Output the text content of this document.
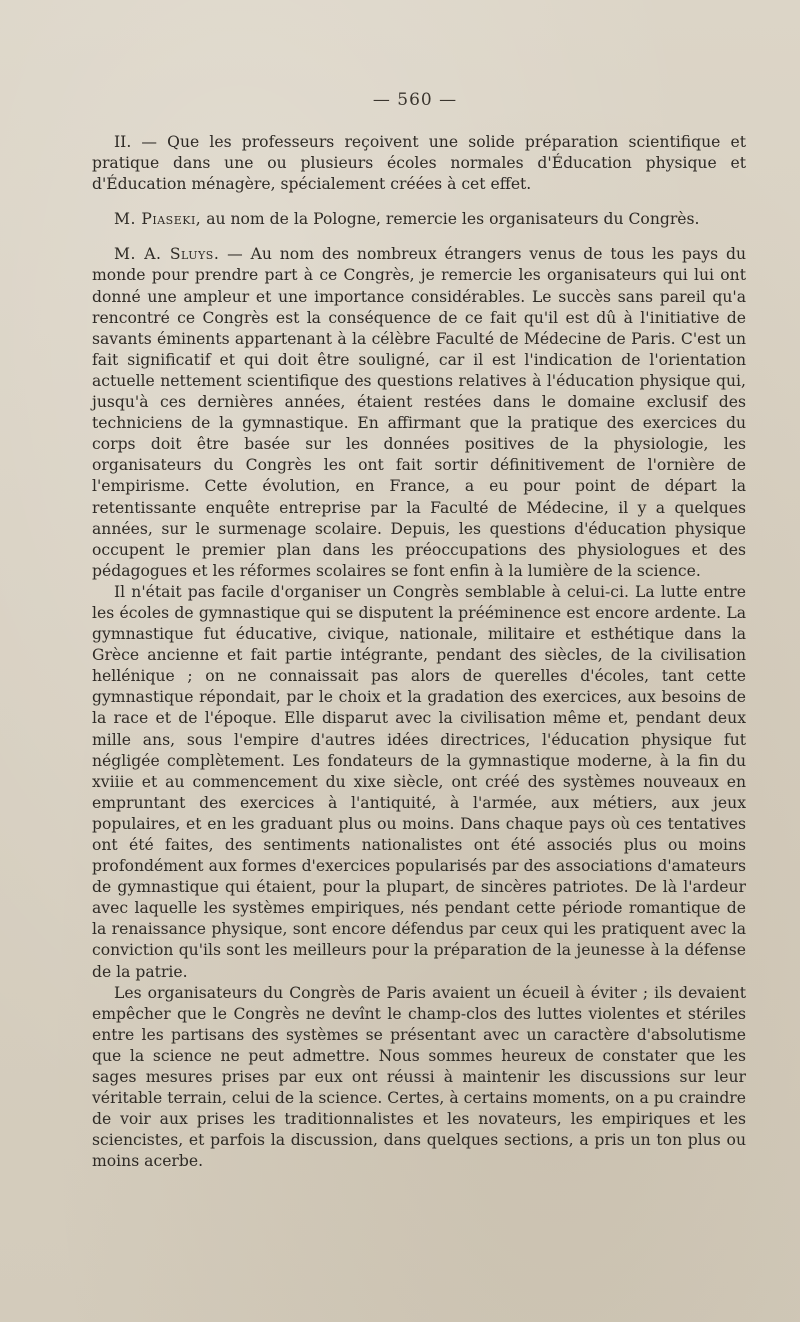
— 560 —

II. — Que les professeurs reçoivent une solide préparation scientifique et pratique dans une ou plusieurs écoles normales d'Éducation physique et d'Éducation ménagère, spécialement créées à cet effet.

M. Piaseki, au nom de la Pologne, remercie les organisateurs du Congrès.

M. A. Sluys. — Au nom des nombreux étrangers venus de tous les pays du monde pour prendre part à ce Congrès, je remercie les organisateurs qui lui ont donné une ampleur et une importance considérables. Le succès sans pareil qu'a rencontré ce Congrès est la conséquence de ce fait qu'il est dû à l'initiative de savants éminents appartenant à la célèbre Faculté de Médecine de Paris. C'est un fait significatif et qui doit être souligné, car il est l'indication de l'orientation actuelle nettement scientifique des questions relatives à l'éducation physique qui, jusqu'à ces dernières années, étaient restées dans le domaine exclusif des techniciens de la gymnastique. En affirmant que la pratique des exercices du corps doit être basée sur les données positives de la physiologie, les organisateurs du Congrès les ont fait sortir définitivement de l'ornière de l'empirisme. Cette évolution, en France, a eu pour point de départ la retentissante enquête entreprise par la Faculté de Médecine, il y a quelques années, sur le surmenage scolaire. Depuis, les questions d'éducation physique occupent le premier plan dans les préoccupations des physiologues et des pédagogues et les réformes scolaires se font enfin à la lumière de la science.

Il n'était pas facile d'organiser un Congrès semblable à celui-ci. La lutte entre les écoles de gymnastique qui se disputent la prééminence est encore ardente. La gymnastique fut éducative, civique, nationale, militaire et esthétique dans la Grèce ancienne et fait partie intégrante, pendant des siècles, de la civilisation hellénique ; on ne connaissait pas alors de querelles d'écoles, tant cette gymnastique répondait, par le choix et la gradation des exercices, aux besoins de la race et de l'époque. Elle disparut avec la civilisation même et, pendant deux mille ans, sous l'empire d'autres idées directrices, l'éducation physique fut négligée complètement. Les fondateurs de la gymnastique moderne, à la fin du xviiie et au commencement du xixe siècle, ont créé des systèmes nouveaux en empruntant des exercices à l'antiquité, à l'armée, aux métiers, aux jeux populaires, et en les graduant plus ou moins. Dans chaque pays où ces tentatives ont été faites, des sentiments nationalistes ont été associés plus ou moins profondément aux formes d'exercices popularisés par des associations d'amateurs de gymnastique qui étaient, pour la plupart, de sincères patriotes. De là l'ardeur avec laquelle les systèmes empiriques, nés pendant cette période romantique de la renaissance physique, sont encore défendus par ceux qui les pratiquent avec la conviction qu'ils sont les meilleurs pour la préparation de la jeunesse à la défense de la patrie.

Les organisateurs du Congrès de Paris avaient un écueil à éviter ; ils devaient empêcher que le Congrès ne devînt le champ-clos des luttes violentes et stériles entre les partisans des systèmes se présentant avec un caractère d'absolutisme que la science ne peut admettre. Nous sommes heureux de constater que les sages mesures prises par eux ont réussi à maintenir les discussions sur leur véritable terrain, celui de la science. Certes, à certains moments, on a pu craindre de voir aux prises les traditionnalistes et les novateurs, les empiriques et les sciencistes, et parfois la discussion, dans quelques sections, a pris un ton plus ou moins acerbe.
